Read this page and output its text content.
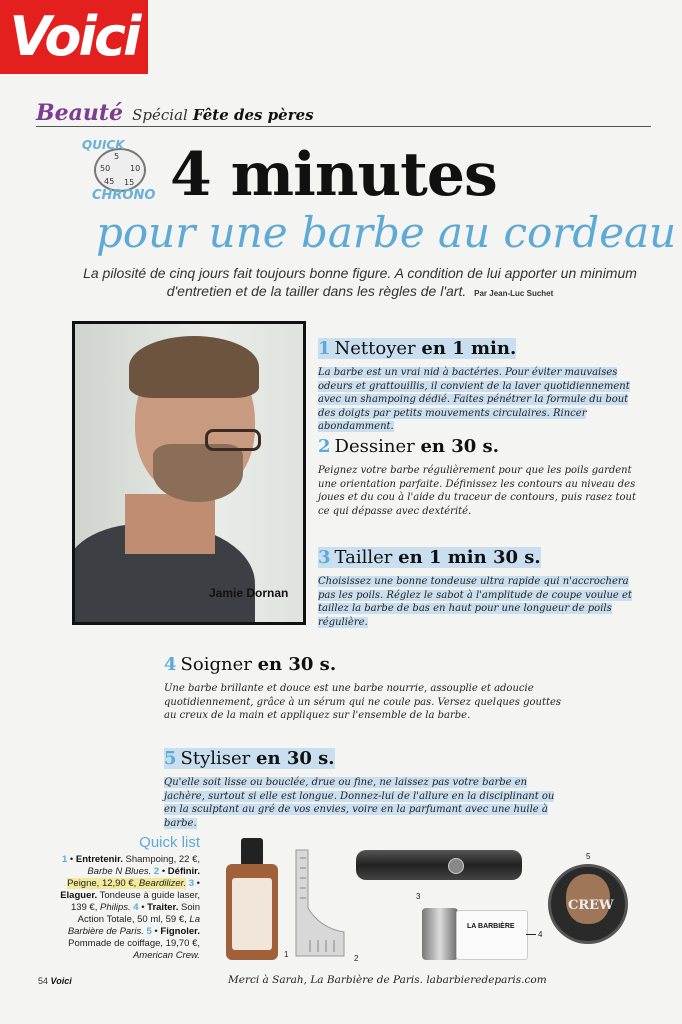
Voici
Beauté Spécial Fête des pères
5
10
15
50
45
QUICK
CHRONO 4 minutes
pour une barbe au cordeau
La pilosité de cinq jours fait toujours bonne figure. A condition de lui apporter un minimum d'entretien et de la tailler dans les règles de l'art. Par Jean-Luc Suchet
Jamie Dornan
1 Nettoyer en 1 min.
La barbe est un vrai nid à bactéries. Pour éviter mauvaises odeurs et grattouillis, il convient de la laver quotidiennement avec un shampoing dédié. Faites pénétrer la formule du bout des doigts par petits mouvements circulaires. Rincer abondamment.
2 Dessiner en 30 s.
Peignez votre barbe régulièrement pour que les poils gardent une orientation parfaite. Définissez les contours au niveau des joues et du cou à l'aide du traceur de contours, puis rasez tout ce qui dépasse avec dextérité.
3 Tailler en 1 min 30 s.
Choisissez une bonne tondeuse ultra rapide qui n'accrochera pas les poils. Réglez le sabot à l'amplitude de coupe voulue et taillez la barbe de bas en haut pour une longueur de poils régulière.
4 Soigner en 30 s.
Une barbe brillante et douce est une barbe nourrie, assouplie et adoucie quotidiennement, grâce à un sérum qui ne coule pas. Versez quelques gouttes au creux de la main et appliquez sur l'ensemble de la barbe.
5 Styliser en 30 s.
Qu'elle soit lisse ou bouclée, drue ou fine, ne laissez pas votre barbe en jachère, surtout si elle est longue. Donnez-lui de l'allure en la disciplinant ou en la sculptant au gré de vos envies, voire en la parfumant avec une huile à barbe.
Quick list
1 • Entretenir. Shampoing, 22 €, Barbe N Blues. 2 • Définir. Peigne, 12,90 €, Beardilizer. 3 • Elaguer. Tondeuse à guide laser, 139 €, Philips. 4 • Traiter. Soin Action Totale, 50 ml, 59 €, La Barbière de Paris. 5 • Fignoler. Pommade de coiffage, 19,70 €, American Crew.	1	2
3
LA BARBIÈRE
4
CREW
5
54 Voici	Merci à Sarah, La Barbière de Paris. labarbieredeparis.com
